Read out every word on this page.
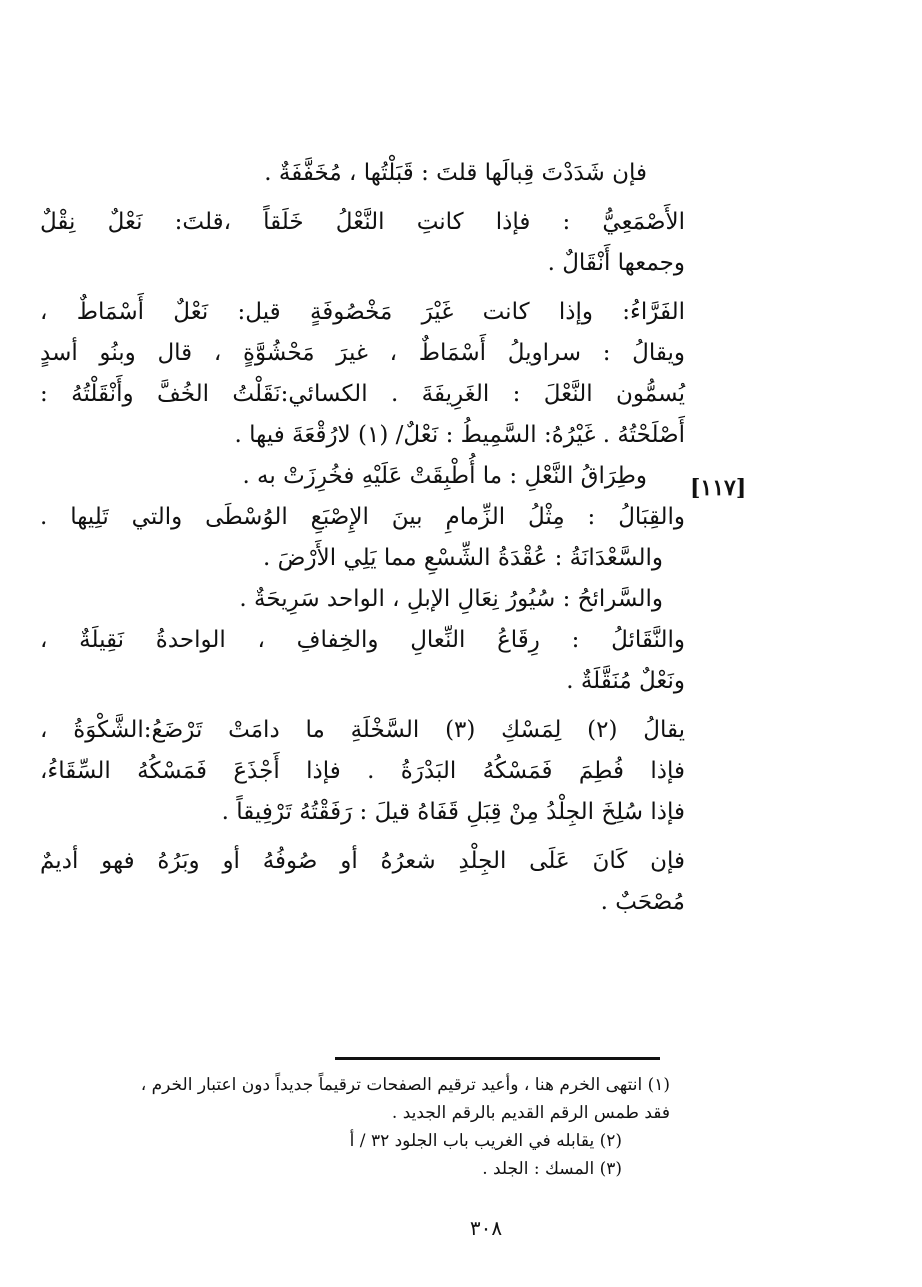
فإن شَدَدْتَ قِبالَها قلتَ : قَبَلْتُها ، مُخَفَّفَةٌ .
الأَصْمَعِيُّ : فإذا كانتِ النَّعْلُ خَلَقاً ،قلتَ: نَعْلٌ نِقْلٌ
وجمعها أَنْقَالٌ .
الفَرَّاءُ: وإذا كانت غَيْرَ مَخْصُوفَةٍ قيل: نَعْلٌ أَسْمَاطٌ ،
ويقالُ : سراويلُ أَسْمَاطٌ ، غيرَ مَحْشُوَّةٍ ، قال وبنُو أسدٍ
يُسمُّون النَّعْلَ : الغَرِيفَةَ . الكسائي:نَقَلْتُ الخُفَّ وأَنْقَلْتُهُ :
أَصْلَحْتُهُ . غَيْرُهُ: السَّمِيطُ : نَعْلٌ/ (١) لارُقْعَةَ فيها .
وطِرَاقُ النَّعْلِ : ما أُطْبِقَتْ عَلَيْهِ فخُرِزَتْ به .
والقِبَالُ : مِثْلُ الزِّمامِ بينَ الإِصْبَعِ الوُسْطَى والتي تَلِيها .
والسَّعْدَانَةُ : عُقْدَةُ الشِّسْعِ مما يَلِي الأَرْضَ .
والسَّرائحُ : سُيُورُ نِعَالِ الإبلِ ، الواحد سَرِيحَةٌ .
والنَّقَائلُ : رِقَاعُ النِّعالِ والخِفافِ ، الواحدةُ نَقِيلَةٌ ،
ونَعْلٌ مُنَقَّلَةٌ .
يقالُ (٢) لِمَسْكِ (٣) السَّخْلَةِ ما دامَتْ تَرْضَعُ:الشَّكْوَةُ ،
فإذا فُطِمَ فَمَسْكُهُ البَدْرَةُ . فإذا أَجْذَعَ فَمَسْكُهُ السِّقَاءُ،
فإذا سُلِخَ الجِلْدُ مِنْ قِبَلِ قَفَاهُ قيلَ : رَفَقْتُهُ تَرْفِيقاً .
فإن كَانَ عَلَى الجِلْدِ شعرُهُ أو صُوفُهُ أو وبَرُهُ فهو أديمٌ
مُصْحَبٌ .
[١١٧]
(١) انتهى الخرم هنا ، وأعيد ترقيم الصفحات ترقيماً جديداً دون اعتبار الخرم ،
فقد طمس الرقم القديم بالرقم الجديد .
(٢) يقابله في الغريب باب الجلود ٣٢ / أ
(٣) المسك : الجلد .
٣٠٨
